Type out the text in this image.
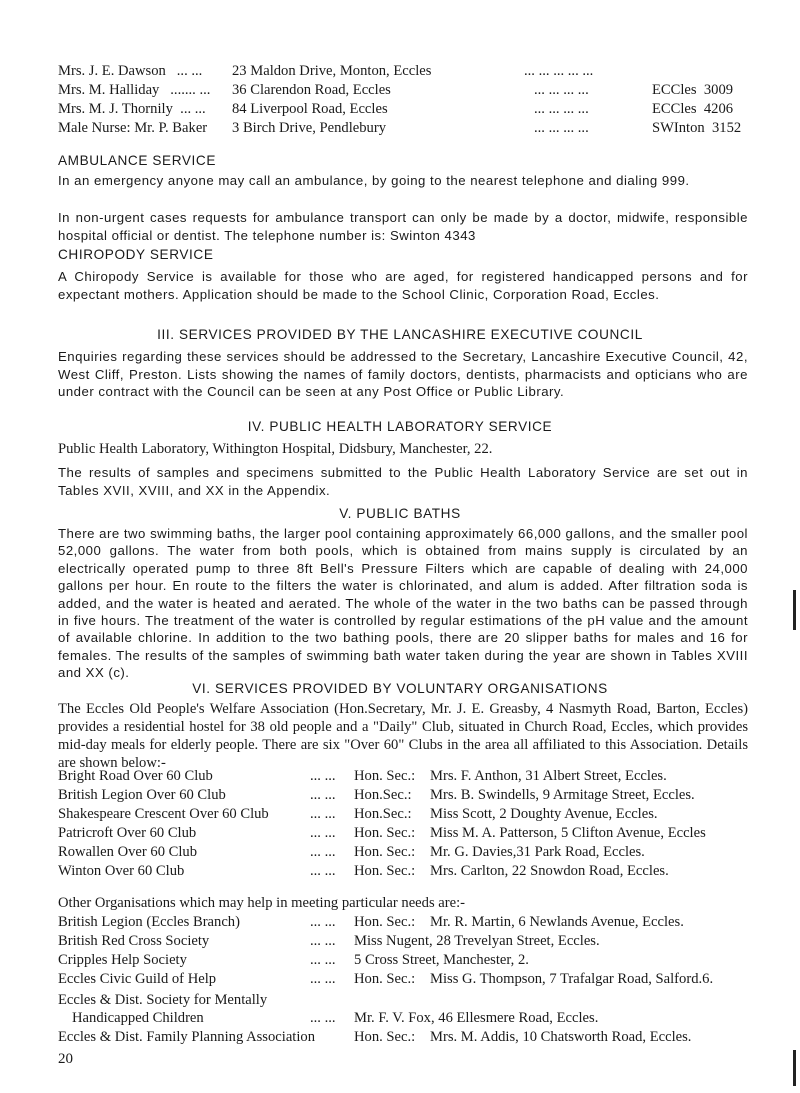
Mrs. J. E. Dawson   ... ... 23 Maldon Drive, Monton, Eccles	... ... ... ... ...
Mrs. M. Halliday   ....... ... 36 Clarendon Road, Eccles	... ... ... ...	ECCles  3009
Mrs. M. J. Thornily  ... ... 84 Liverpool Road, Eccles	... ... ... ...	ECCles  4206
Male Nurse: Mr. P. Baker 3 Birch Drive, Pendlebury	... ... ... ...	SWInton  3152
AMBULANCE SERVICE

In an emergency anyone may call an ambulance, by going to the nearest telephone and dialing 999.

In non-urgent cases requests for ambulance transport can only be made by a doctor, midwife, responsible hospital official or dentist. The telephone number is: Swinton 4343

CHIROPODY SERVICE

A Chiropody Service is available for those who are aged, for registered handicapped persons and for expectant mothers. Application should be made to the School Clinic, Corporation Road, Eccles.

III. SERVICES PROVIDED BY THE LANCASHIRE EXECUTIVE COUNCIL

Enquiries regarding these services should be addressed to the Secretary, Lancashire Executive Council, 42, West Cliff, Preston. Lists showing the names of family doctors, dentists, pharmacists and opticians who are under contract with the Council can be seen at any Post Office or Public Library.

IV. PUBLIC HEALTH LABORATORY SERVICE

Public Health Laboratory, Withington Hospital, Didsbury, Manchester, 22.

The results of samples and specimens submitted to the Public Health Laboratory Service are set out in Tables XVII, XVIII, and XX in the Appendix.

V. PUBLIC BATHS

There are two swimming baths, the larger pool containing approximately 66,000 gallons, and the smaller pool 52,000 gallons. The water from both pools, which is obtained from mains supply is circulated by an electrically operated pump to three 8ft Bell's Pressure Filters which are capable of dealing with 24,000 gallons per hour. En route to the filters the water is chlorinated, and alum is added. After filtration soda is added, and the water is heated and aerated. The whole of the water in the two baths can be passed through in five hours. The treatment of the water is controlled by regular estimations of the pH value and the amount of available chlorine. In addition to the two bathing pools, there are 20 slipper baths for males and 16 for females. The results of the samples of swimming bath water taken during the year are shown in Tables XVIII and XX (c).

VI. SERVICES PROVIDED BY VOLUNTARY ORGANISATIONS

The Eccles Old People's Welfare Association (Hon.Secretary, Mr. J. E. Greasby, 4 Nasmyth Road, Barton, Eccles) provides a residential hostel for 38 old people and a "Daily" Club, situated in Church Road, Eccles, which provides mid-day meals for elderly people. There are six "Over 60" Clubs in the area all affiliated to this Association. Details are shown below:-

Bright Road Over 60 Club	... ... Hon. Sec.: Mrs. F. Anthon, 31 Albert Street, Eccles.
British Legion Over 60 Club	... ... Hon.Sec.: Mrs. B. Swindells, 9 Armitage Street, Eccles.
Shakespeare Crescent Over 60 Club	... ... Hon.Sec.: Miss Scott, 2 Doughty Avenue, Eccles.
Patricroft Over 60 Club	... ... Hon. Sec.: Miss M. A. Patterson, 5 Clifton Avenue, Eccles
Rowallen Over 60 Club	... ... Hon. Sec.: Mr. G. Davies,31 Park Road, Eccles.
Winton Over 60 Club	... ... Hon. Sec.: Mrs. Carlton, 22 Snowdon Road, Eccles.
Other Organisations which may help in meeting particular needs are:-
British Legion (Eccles Branch)	... ... Hon. Sec.: Mr. R. Martin, 6 Newlands Avenue, Eccles.
British Red Cross Society	... ... Miss Nugent, 28 Trevelyan Street, Eccles.
Cripples Help Society	... ... 5 Cross Street, Manchester, 2.
Eccles Civic Guild of Help	... ... Hon. Sec.: Miss G. Thompson, 7 Trafalgar Road, Salford.6.
Eccles & Dist. Society for Mentally
Handicapped Children	... ... Mr. F. V. Fox, 46 Ellesmere Road, Eccles.
Eccles & Dist. Family Planning Association	Hon. Sec.: Mrs. M. Addis, 10 Chatsworth Road, Eccles.
20
